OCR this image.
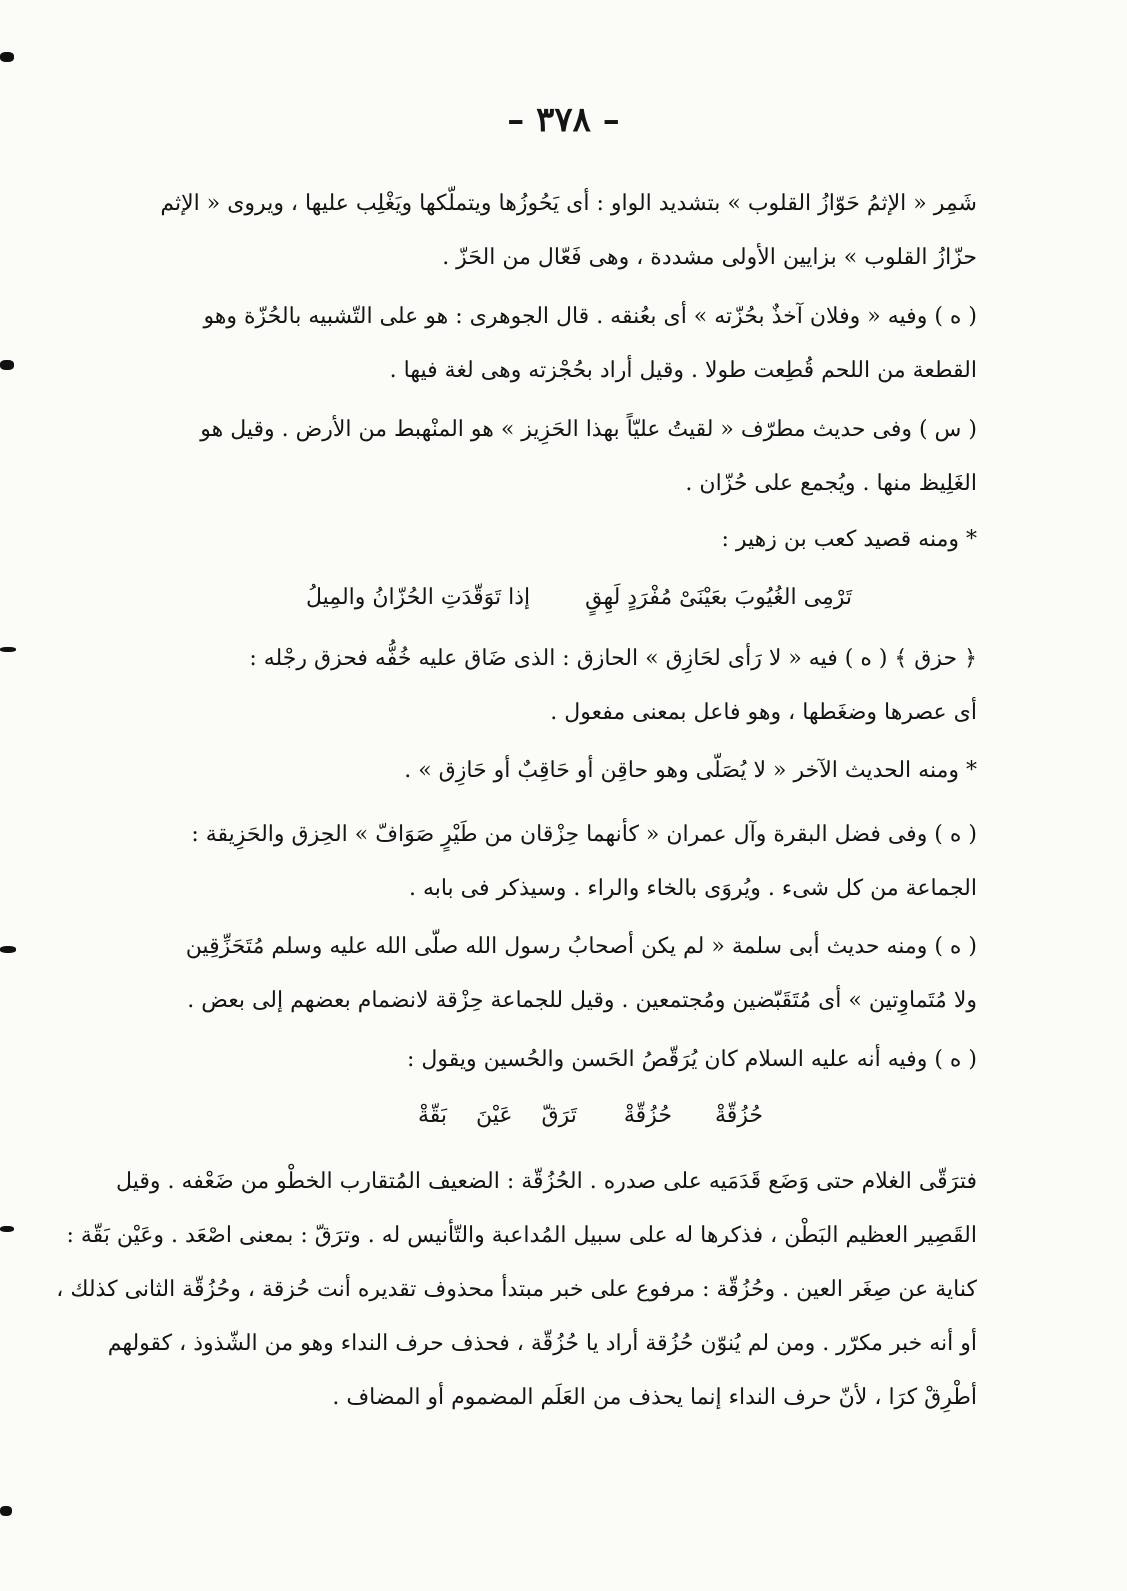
– ٣٧٨ –
شَمِر « الإثمُ حَوّازُ القلوب » بتشديد الواو : أى يَحُوزُها ويتملّكها ويَغْلِب عليها ، ويروى « الإثم
حزّازُ القلوب » بزايين الأولى مشددة ، وهى فَعّال من الحَزّ .
( ه ) وفيه « وفلان آخذٌ بحُزّته » أى بعُنقه . قال الجوهرى : هو على التّشبيه بالحُزّة وهو
القطعة من اللحم قُطِعت طولا . وقيل أراد بحُجْزته وهى لغة فيها .
( س ) وفى حديث مطرّف « لقيتُ عليّاً بهذا الحَزِيز » هو المنْهبط من الأرض . وقيل هو
الغَلِيظ منها . ويُجمع على حُزّان .
* ومنه قصيد كعب بن زهير :
تَرْمِى الغُيُوبَ بعَيْنَىْ مُفْرَدٍ لَهِقٍ إذا تَوَقّدَتِ الحُزّانُ والمِيلُ
﴿ حزق ﴾ ( ه ) فيه « لا رَأى لحَازِق » الحازق : الذى ضَاق عليه خُفُّه فحزق رجْله :
أى عصرها وضغَطها ، وهو فاعل بمعنى مفعول .
* ومنه الحديث الآخر « لا يُصَلّى وهو حاقِن أو حَاقِبٌ أو حَازِق » .
( ه ) وفى فضل البقرة وآل عمران « كأنهما حِزْقان من طَيْرٍ صَوَافّ » الحِزق والحَزِيقة :
الجماعة من كل شىء . ويُروَى بالخاء والراء . وسيذكر فى بابه .
( ه ) ومنه حديث أبى سلمة « لم يكن أصحابُ رسول الله صلّى الله عليه وسلم مُتَحَزِّقِين
ولا مُتَماوِتين » أى مُتَقَبّضين ومُجتمعين . وقيل للجماعة حِزْقة لانضمام بعضهم إلى بعض .
( ه ) وفيه أنه عليه السلام كان يُرَقّصُ الحَسن والحُسين ويقول :
حُزُقّةْ حُزُقّةْ تَرَقّ عَيْنَ بَقّةْ
فترَقّى الغلام حتى وَضَع قَدَمَيه على صدره . الحُزُقّة : الضعيف المُتقارب الخطْو من ضَعْفه . وقيل
القَصِير العظيم البَطْن ، فذكرها له على سبيل المُداعبة والتّأنيس له . وترَقّ : بمعنى اصْعَد . وعَيْن بَقّة :
كناية عن صِغَر العين . وحُزُقّة : مرفوع على خبر مبتدأ محذوف تقديره أنت حُزقة ، وحُزُقّة الثانى كذلك ،
أو أنه خبر مكرّر . ومن لم يُنوّن حُزُقة أراد يا حُزُقّة ، فحذف حرف النداء وهو من الشّذوذ ، كقولهم
أطْرِقْ كرَا ، لأنّ حرف النداء إنما يحذف من العَلَم المضموم أو المضاف .
